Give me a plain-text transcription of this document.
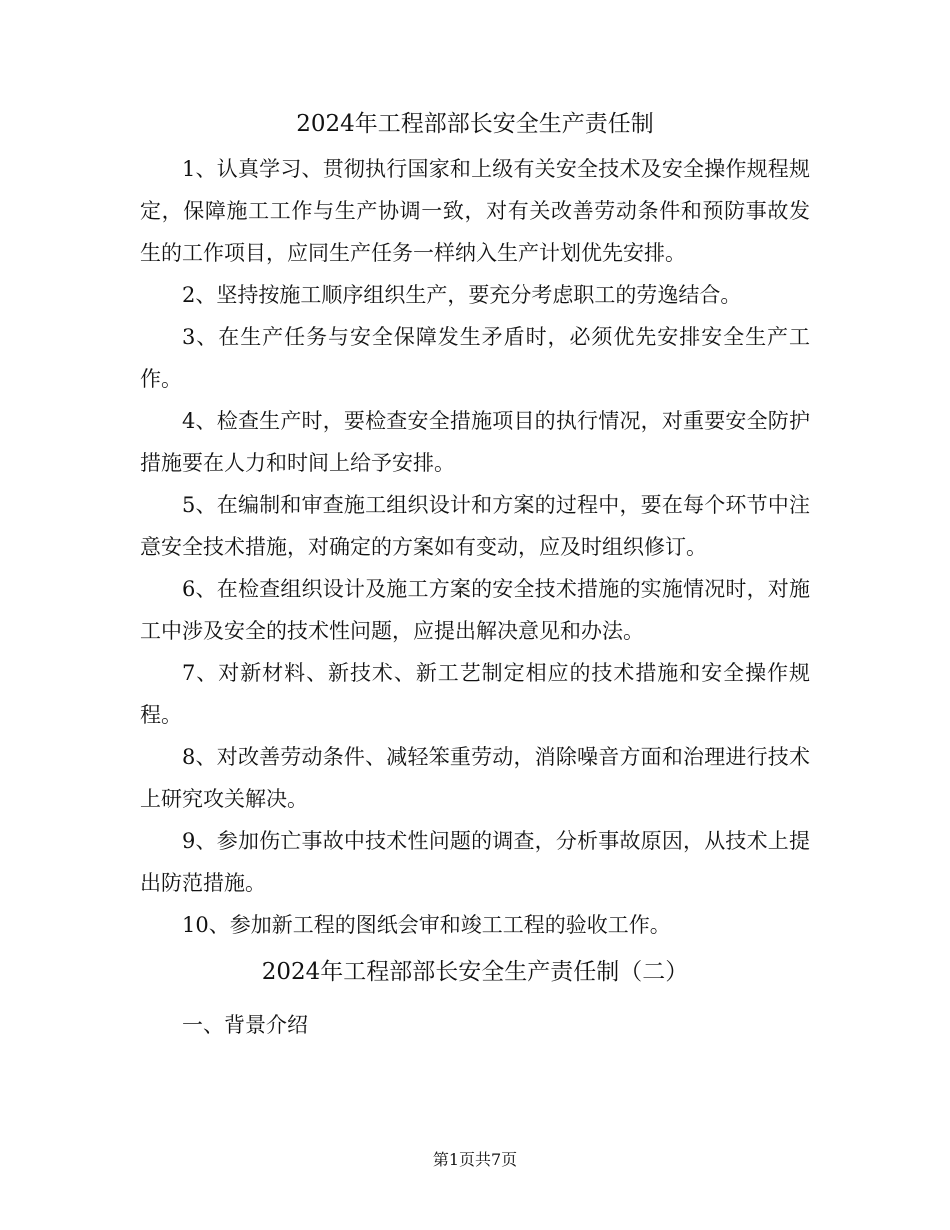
2024年工程部部长安全生产责任制

1、认真学习、贯彻执行国家和上级有关安全技术及安全操作规程规定，保障施工工作与生产协调一致，对有关改善劳动条件和预防事故发生的工作项目，应同生产任务一样纳入生产计划优先安排。

2、坚持按施工顺序组织生产，要充分考虑职工的劳逸结合。

3、在生产任务与安全保障发生矛盾时，必须优先安排安全生产工作。

4、检查生产时，要检查安全措施项目的执行情况，对重要安全防护措施要在人力和时间上给予安排。

5、在编制和审查施工组织设计和方案的过程中，要在每个环节中注意安全技术措施，对确定的方案如有变动，应及时组织修订。

6、在检查组织设计及施工方案的安全技术措施的实施情况时，对施工中涉及安全的技术性问题，应提出解决意见和办法。

7、对新材料、新技术、新工艺制定相应的技术措施和安全操作规程。

8、对改善劳动条件、减轻笨重劳动，消除噪音方面和治理进行技术上研究攻关解决。

9、参加伤亡事故中技术性问题的调查，分析事故原因，从技术上提出防范措施。

10、参加新工程的图纸会审和竣工工程的验收工作。

2024年工程部部长安全生产责任制（二）

一、背景介绍

第1页共7页
